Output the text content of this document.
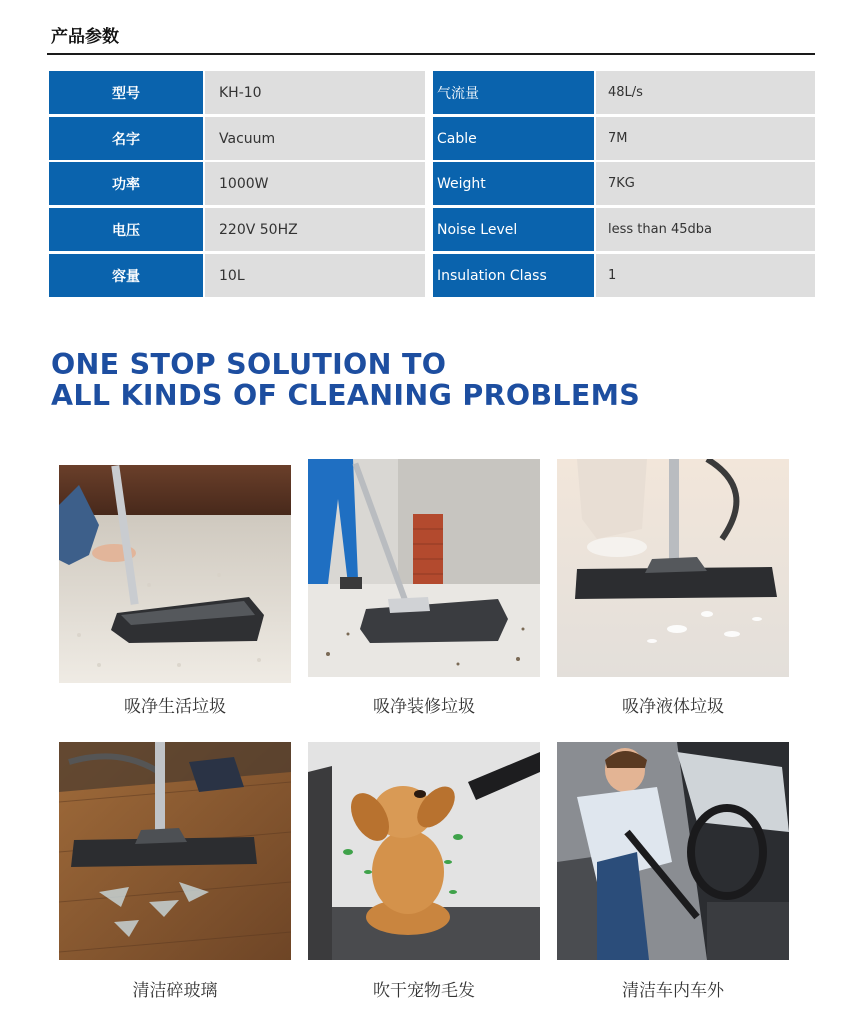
产品参数
型号	KH-10	气流量	48L/s
名字	Vacuum	Cable	7M
功率	1000W	Weight	7KG
电压	220V 50HZ	Noise Level	less than 45dba
容量	10L	Insulation Class	1
ONE STOP SOLUTION TO
ALL KINDS OF CLEANING PROBLEMS
吸净生活垃圾	吸净装修垃圾	吸净液体垃圾
清洁碎玻璃	吹干宠物毛发	清洁车内车外
